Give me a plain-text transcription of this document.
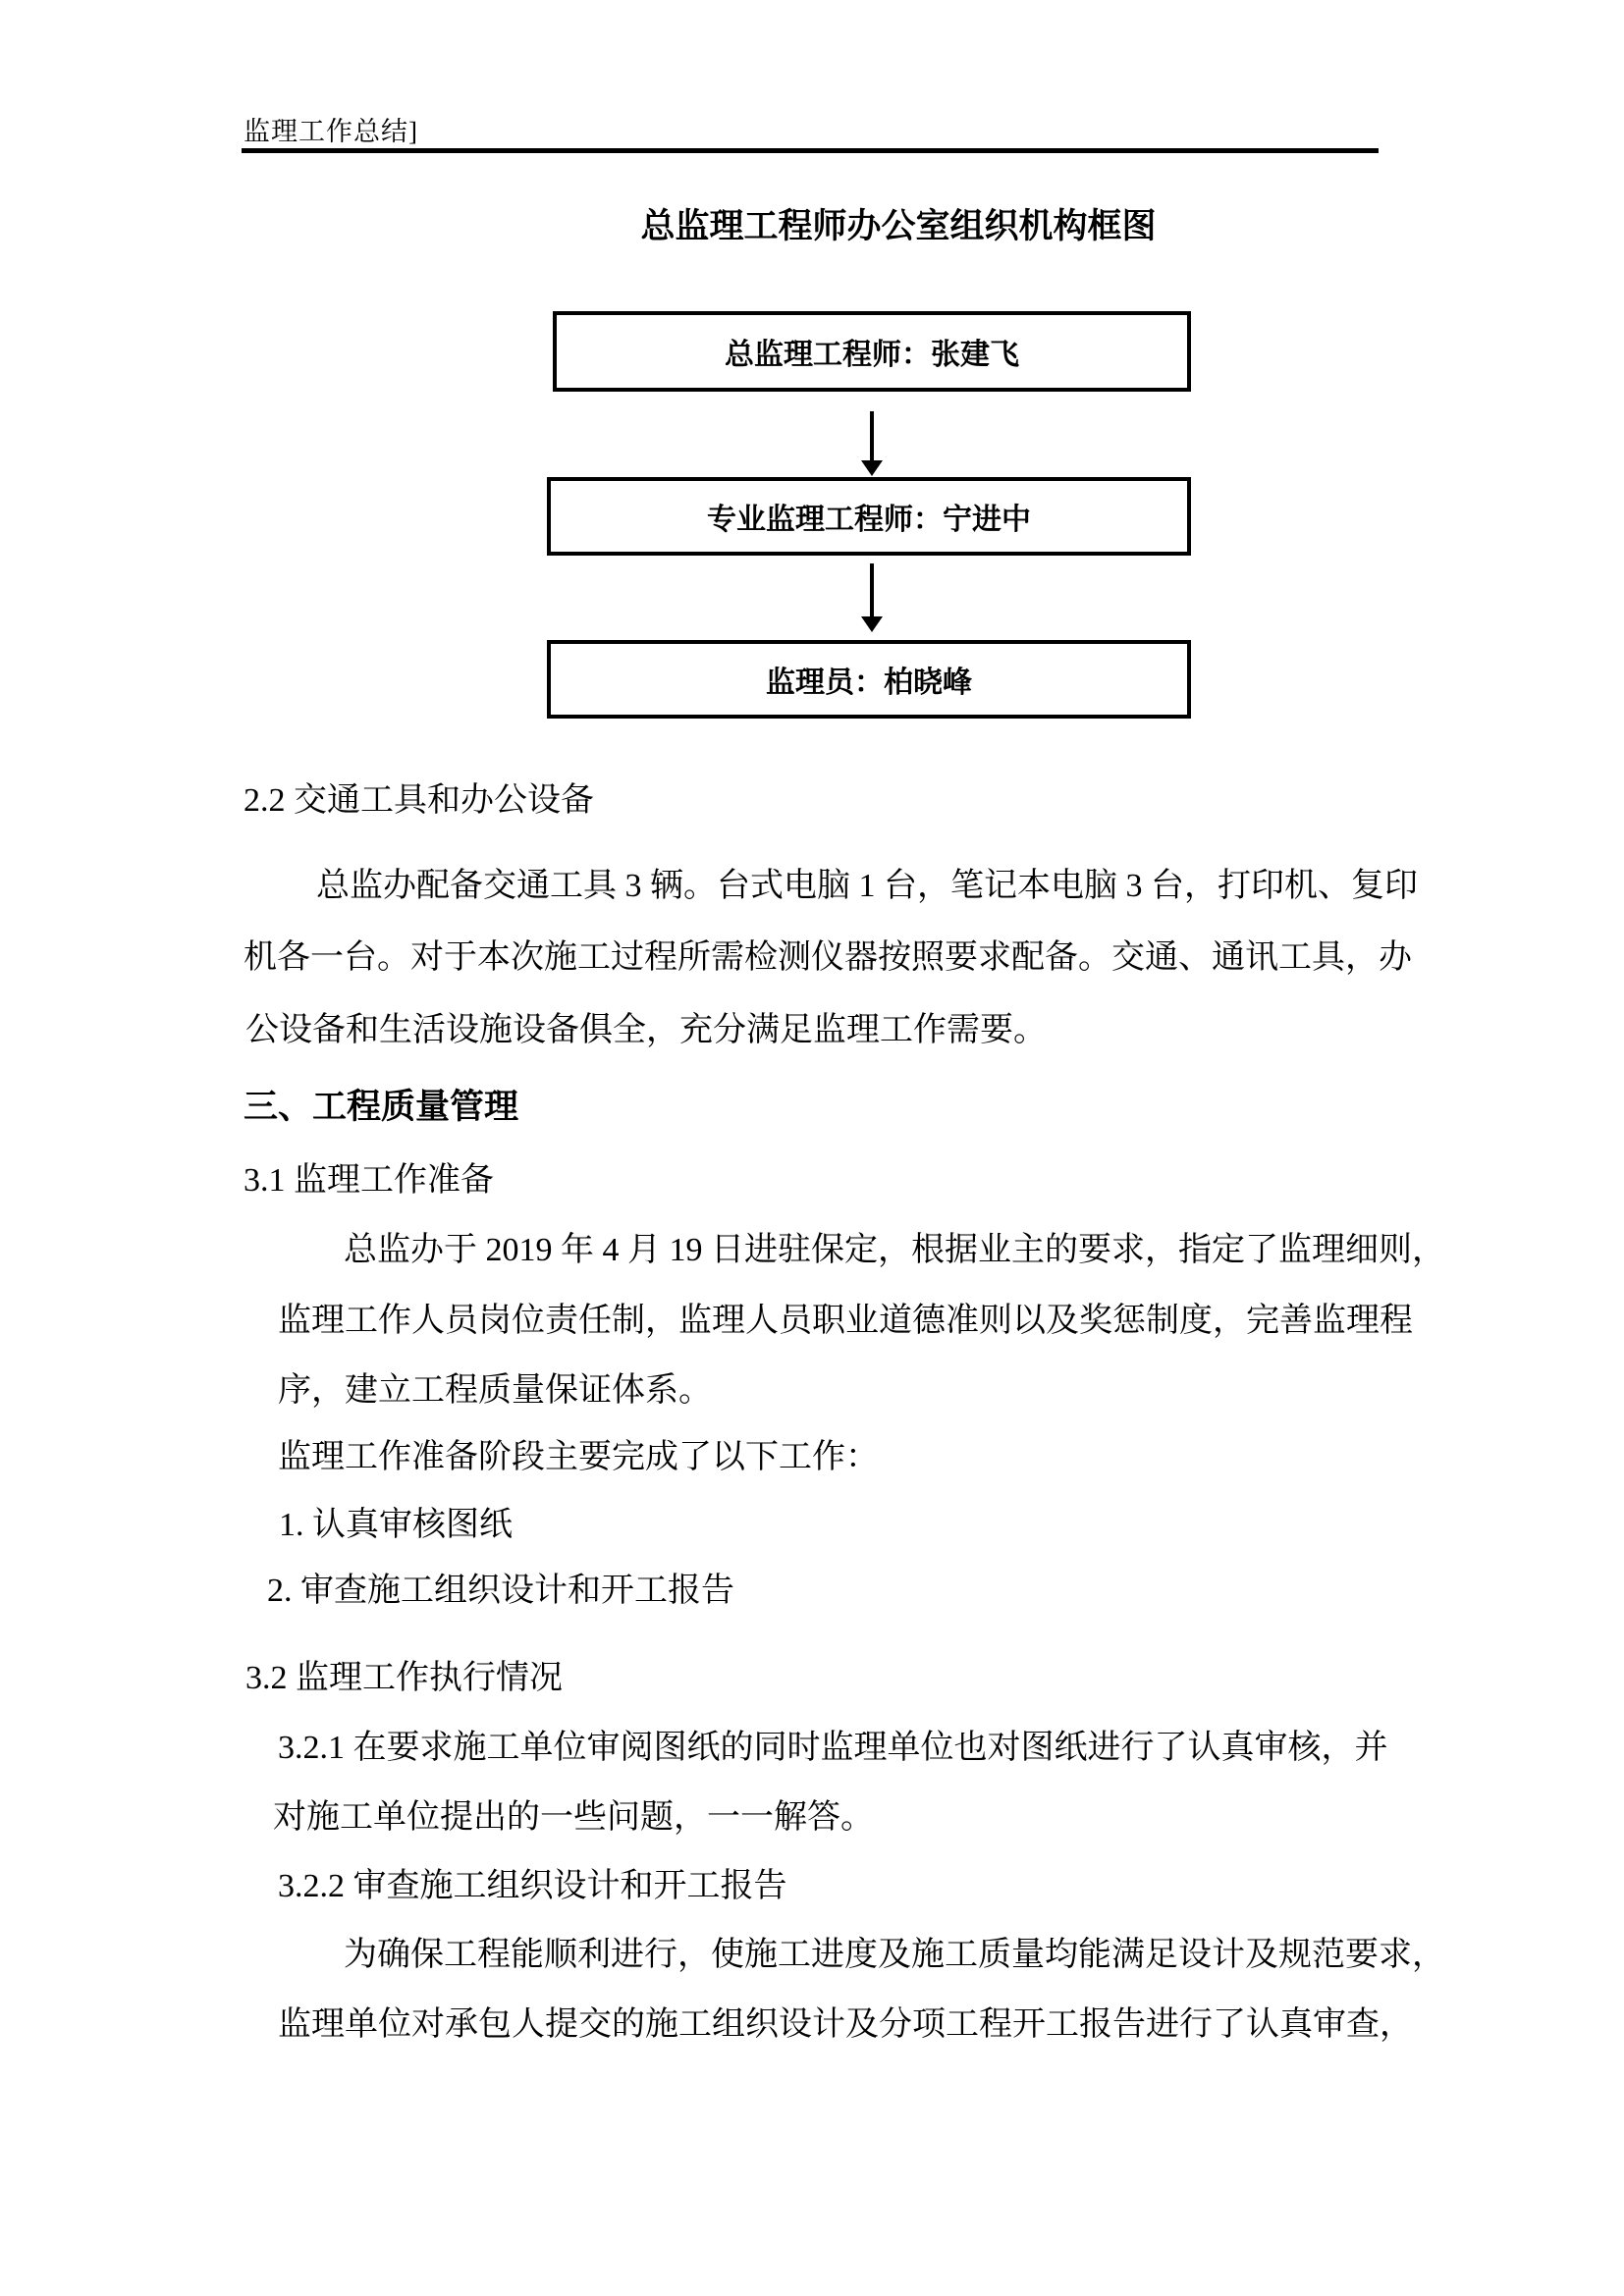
监理工作总结]
总监理工程师办公室组织机构框图
总监理工程师：张建飞
专业监理工程师：宁进中
监理员：柏晓峰
2.2 交通工具和办公设备
总监办配备交通工具 3 辆。台式电脑 1 台，笔记本电脑 3 台，打印机、复印
机各一台。对于本次施工过程所需检测仪器按照要求配备。交通、通讯工具，办
公设备和生活设施设备俱全，充分满足监理工作需要。
三、工程质量管理
3.1 监理工作准备
总监办于 2019 年 4 月 19 日进驻保定，根据业主的要求，指定了监理细则，
监理工作人员岗位责任制，监理人员职业道德准则以及奖惩制度，完善监理程
序，建立工程质量保证体系。
监理工作准备阶段主要完成了以下工作：
1. 认真审核图纸
2. 审查施工组织设计和开工报告
3.2 监理工作执行情况
3.2.1 在要求施工单位审阅图纸的同时监理单位也对图纸进行了认真审核，并
对施工单位提出的一些问题，一一解答。
3.2.2 审查施工组织设计和开工报告
为确保工程能顺利进行，使施工进度及施工质量均能满足设计及规范要求，
监理单位对承包人提交的施工组织设计及分项工程开工报告进行了认真审查，
